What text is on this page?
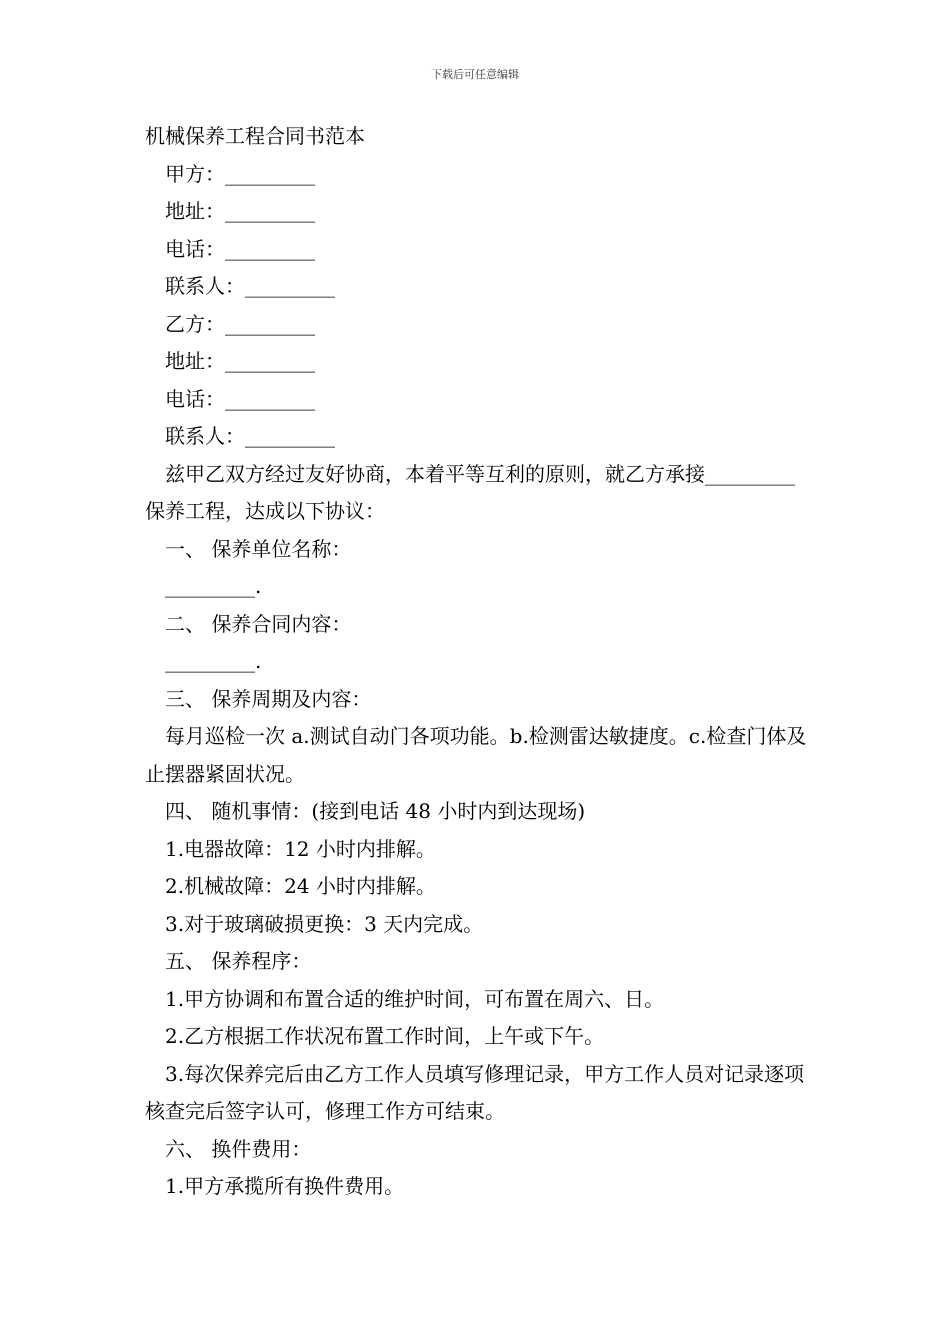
下载后可任意编辑

机械保养工程合同书范本

甲方：_________

地址：_________

电话：_________

联系人：_________

乙方：_________

地址：_________

电话：_________

联系人：_________

兹甲乙双方经过友好协商，本着平等互利的原则，就乙方承接_________保养工程，达成以下协议：

一、 保养单位名称：

_________.

二、 保养合同内容：

_________.

三、 保养周期及内容：

每月巡检一次 a.测试自动门各项功能。b.检测雷达敏捷度。c.检查门体及止摆器紧固状况。

四、 随机事情：(接到电话 48 小时内到达现场)

1.电器故障：12 小时内排解。

2.机械故障：24 小时内排解。

3.对于玻璃破损更换：3 天内完成。

五、 保养程序：

1.甲方协调和布置合适的维护时间，可布置在周六、日。

2.乙方根据工作状况布置工作时间，上午或下午。

3.每次保养完后由乙方工作人员填写修理记录，甲方工作人员对记录逐项核查完后签字认可，修理工作方可结束。

六、 换件费用：

1.甲方承揽所有换件费用。
